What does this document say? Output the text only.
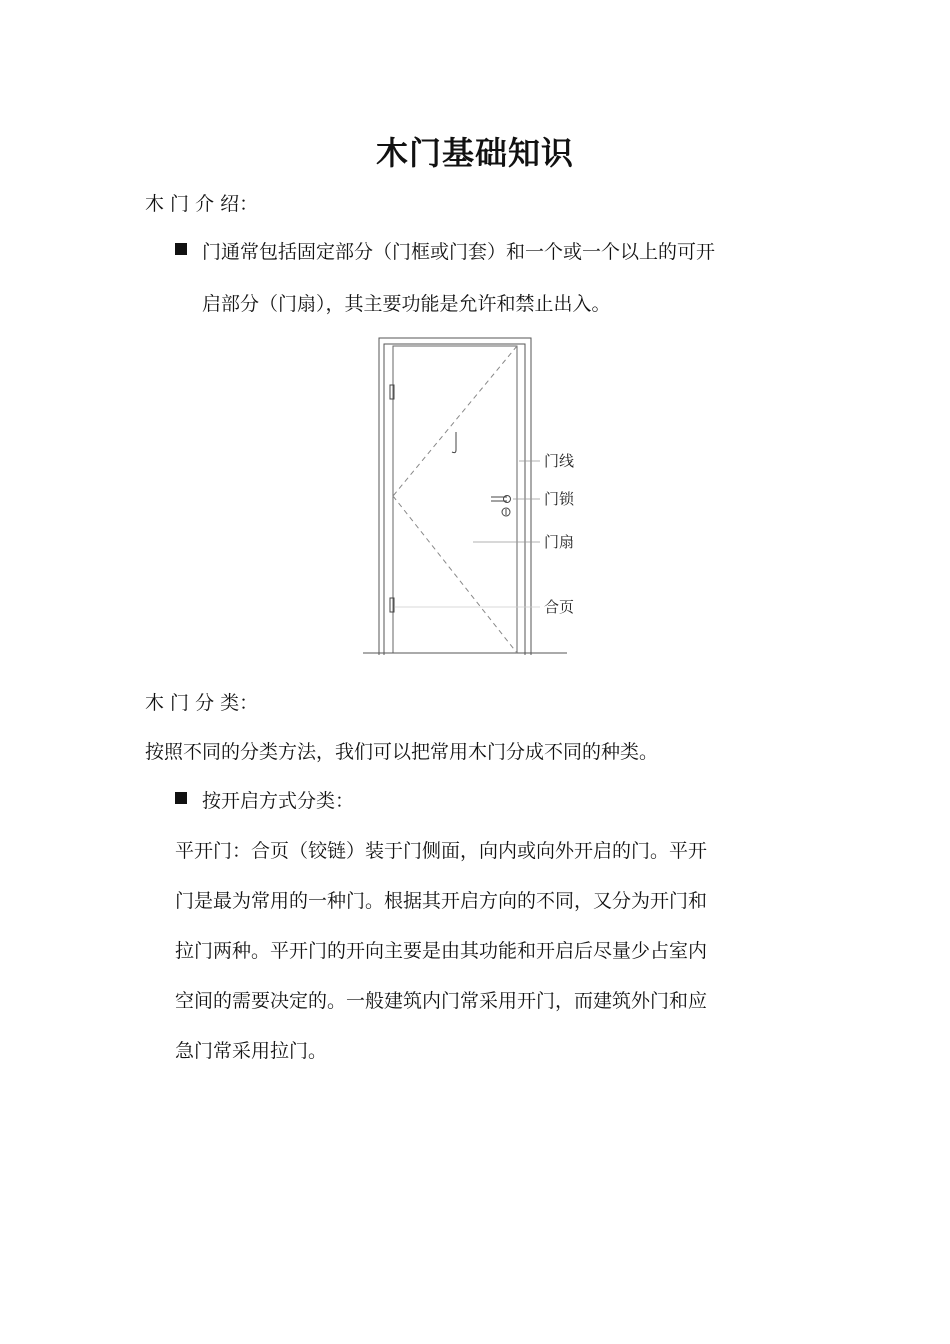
木门基础知识
木 门 介 绍：
门通常包括固定部分（门框或门套）和一个或一个以上的可开
启部分（门扇），其主要功能是允许和禁止出入。
门线
门锁
门扇
合页
木 门 分 类：
按照不同的分类方法，我们可以把常用木门分成不同的种类。
按开启方式分类：
平开门：合页（铰链）装于门侧面，向内或向外开启的门。平开
门是最为常用的一种门。根据其开启方向的不同，又分为开门和
拉门两种。平开门的开向主要是由其功能和开启后尽量少占室内
空间的需要决定的。一般建筑内门常采用开门，而建筑外门和应
急门常采用拉门。
